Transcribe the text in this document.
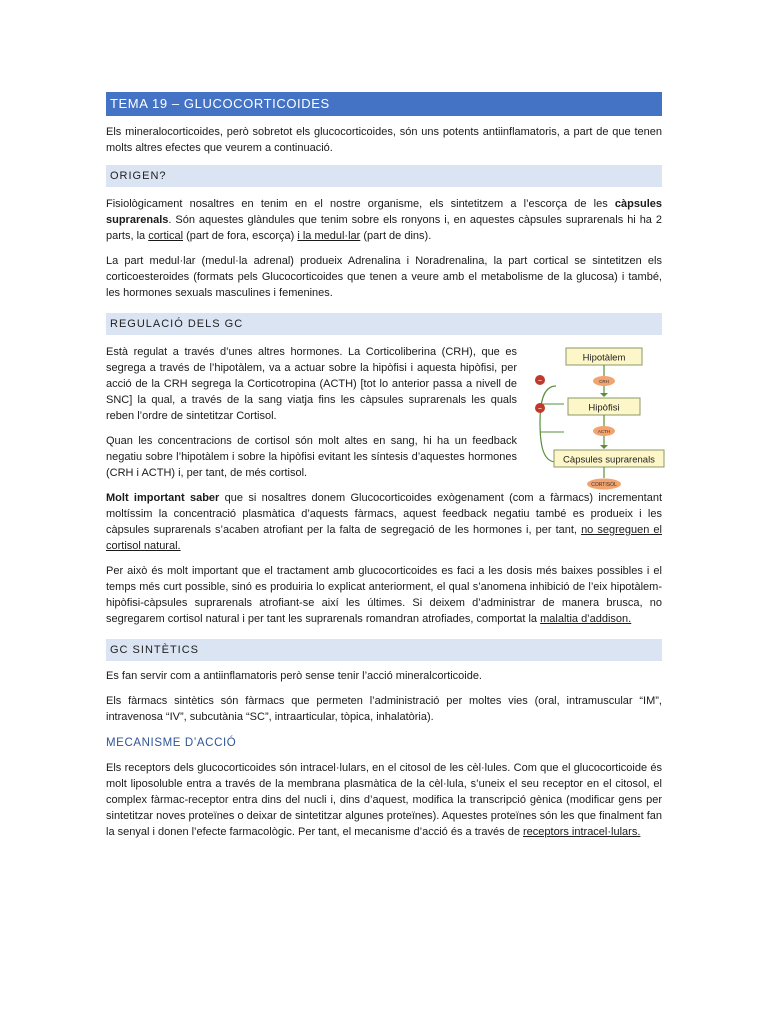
TEMA 19 – GLUCOCORTICOIDES

Els mineralocorticoides, però sobretot els glucocorticoides, són uns potents antiinflamatoris, a part de que tenen molts altres efectes que veurem a continuació.

ORIGEN?

Fisiològicament nosaltres en tenim en el nostre organisme, els sintetitzem a l’escorça de les càpsules suprarenals. Són aquestes glàndules que tenim sobre els ronyons i, en aquestes càpsules suprarenals hi ha 2 parts, la cortical (part de fora, escorça) i la medul·lar (part de dins).

La part medul·lar (medul·la adrenal) produeix Adrenalina i Noradrenalina, la part cortical se sintetitzen els corticoesteroides (formats pels Glucocorticoides que tenen a veure amb el metabolisme de la glucosa) i també, les hormones sexuals masculines i femenines.

REGULACIÓ DELS GC

Està regulat a través d’unes altres hormones. La Corticoliberina (CRH), que es segrega a través de l’hipotàlem, va a actuar sobre la hipòfisi i aquesta hipòfisi, per acció de la CRH segrega la Corticotropina (ACTH) [tot lo anterior passa a nivell de SNC] la qual, a través de la sang viatja fins les càpsules suprarenals les quals reben l’ordre de sintetitzar Cortisol.

Quan les concentracions de cortisol són molt altes en sang, hi ha un feedback negatiu sobre l’hipotàlem i sobre la hipòfisi evitant les síntesis d’aquestes hormones (CRH i ACTH) i, per tant, de més cortisol.

–
–
Hipotàlem
CRH
Hipòfisi
ACTH
Càpsules suprarenals
CORTISOL

Molt important saber que si nosaltres donem Glucocorticoides exògenament (com a fàrmacs) incrementant moltíssim la concentració plasmàtica d’aquests fàrmacs, aquest feedback negatiu també es produeix i les càpsules suprarenals s’acaben atrofiant per la falta de segregació de les hormones i, per tant, no segreguen el cortisol natural.

Per això és molt important que el tractament amb glucocorticoides es faci a les dosis més baixes possibles i el temps més curt possible, sinó es produiria lo explicat anteriorment, el qual s’anomena inhibició de l’eix hipotàlem-hipòfisi-càpsules suprarenals atrofiant-se així les últimes. Si deixem d’administrar de manera brusca, no segregarem cortisol natural i per tant les suprarenals romandran atrofiades, comportat la malaltia d’addison.

GC SINTÈTICS

Es fan servir com a antiinflamatoris però sense tenir l’acció mineralcorticoide.

Els fàrmacs sintètics són fàrmacs que permeten l’administració per moltes vies (oral, intramuscular “IM”, intravenosa “IV”, subcutània “SC”, intraarticular, tòpica, inhalatòria).

MECANISME D’ACCIÓ

Els receptors dels glucocorticoides són intracel·lulars, en el citosol de les cèl·lules. Com que el glucocorticoide és molt liposoluble entra a través de la membrana plasmàtica de la cèl·lula, s’uneix el seu receptor en el citosol, el complex fàrmac-receptor entra dins del nucli i, dins d’aquest, modifica la transcripció gènica (modificar gens per sintetitzar noves proteïnes o deixar de sintetitzar algunes proteïnes). Aquestes proteïnes són les que finalment fan la senyal i donen l’efecte farmacològic. Per tant, el mecanisme d’acció és a través de receptors intracel·lulars.
